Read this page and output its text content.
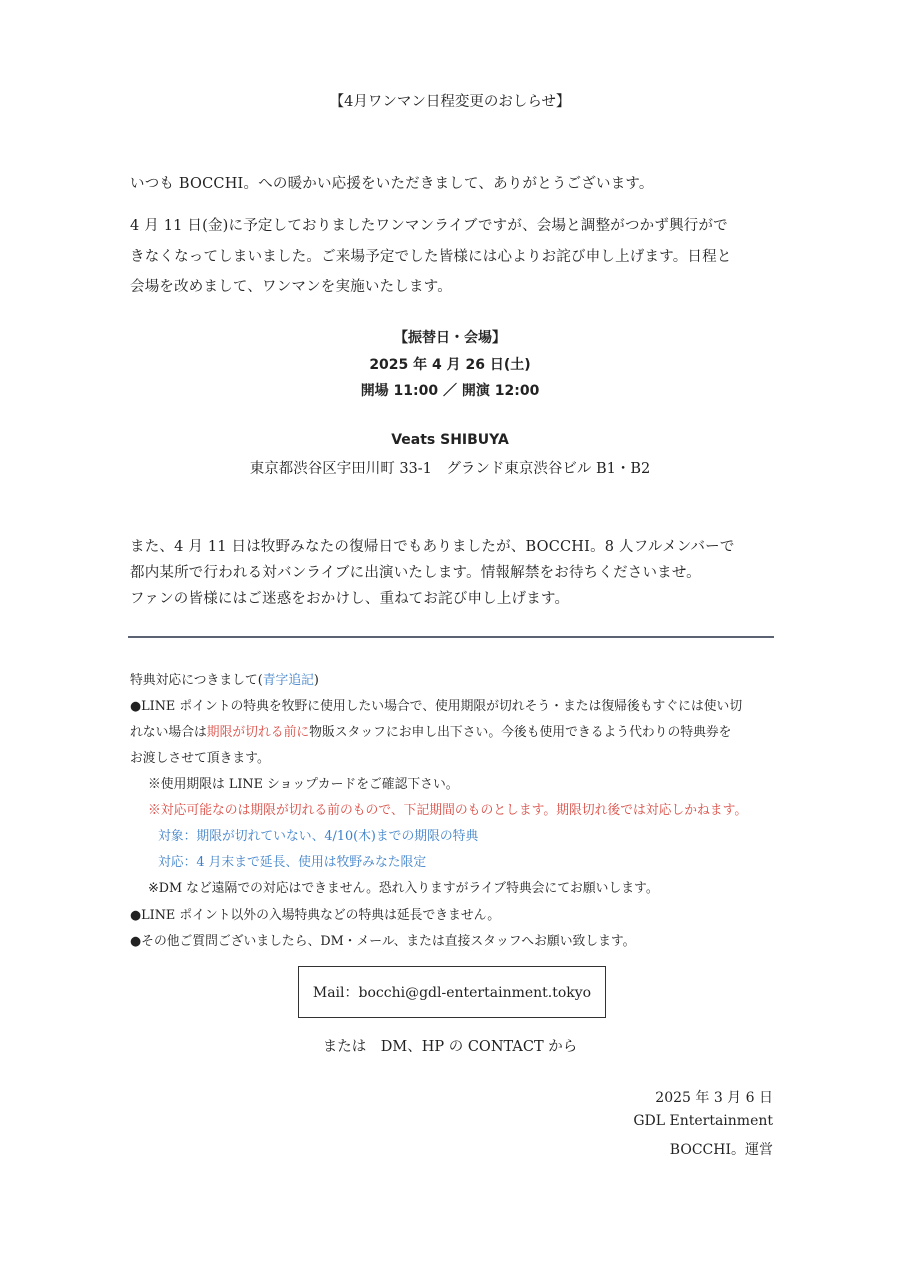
【4月ワンマン日程変更のおしらせ】
いつも BOCCHI。への暖かい応援をいただきまして、ありがとうございます。
4 月 11 日(金)に予定しておりましたワンマンライブですが、会場と調整がつかず興行がで
きなくなってしまいました。ご来場予定でした皆様には心よりお詫び申し上げます。日程と
会場を改めまして、ワンマンを実施いたします。
【振替日・会場】
2025 年 4 月 26 日(土)
開場 11:00 ／ 開演 12:00
Veats SHIBUYA
東京都渋谷区宇田川町 33-1　グランド東京渋谷ビル B1・B2
また、4 月 11 日は牧野みなたの復帰日でもありましたが、BOCCHI。8 人フルメンバーで
都内某所で行われる対バンライブに出演いたします。情報解禁をお待ちくださいませ。
ファンの皆様にはご迷惑をおかけし、重ねてお詫び申し上げます。
特典対応につきまして(青字追記)
●LINE ポイントの特典を牧野に使用したい場合で、使用期限が切れそう・または復帰後もすぐには使い切
れない場合は期限が切れる前に物販スタッフにお申し出下さい。今後も使用できるよう代わりの特典券を
お渡しさせて頂きます。
※使用期限は LINE ショップカードをご確認下さい。
※対応可能なのは期限が切れる前のもので、下記期間のものとします。期限切れ後では対応しかねます。
対象：期限が切れていない、4/10(木)までの期限の特典
対応：4 月末まで延長、使用は牧野みなた限定
※DM など遠隔での対応はできません。恐れ入りますがライブ特典会にてお願いします。
●LINE ポイント以外の入場特典などの特典は延長できません。
●その他ご質問ございましたら、DM・メール、または直接スタッフへお願い致します。
Mail：bocchi@gdl-entertainment.tokyo
または　DM、HP の CONTACT から
2025 年 3 月 6 日
GDL Entertainment
BOCCHI。運営
